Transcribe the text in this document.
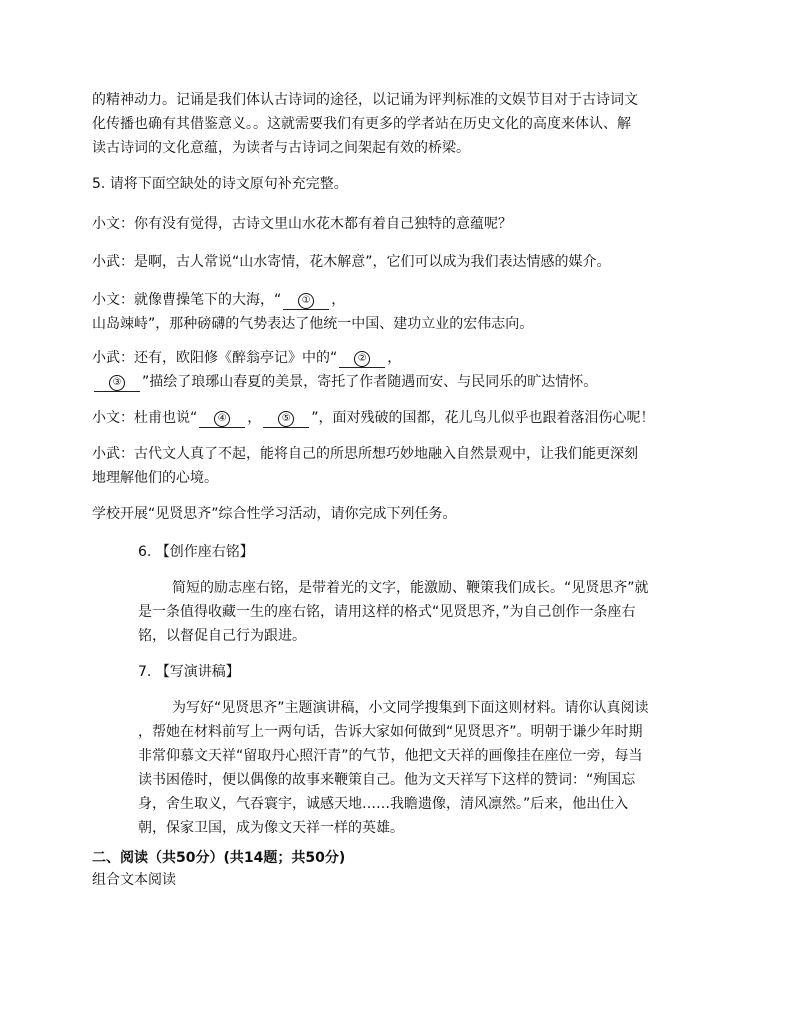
的精神动力。记诵是我们体认古诗词的途径，以记诵为评判标准的文娱节目对于古诗词文
化传播也确有其借鉴意义。。这就需要我们有更多的学者站在历史文化的高度来体认、解
读古诗词的文化意蕴，为读者与古诗词之间架起有效的桥梁。
5. 请将下面空缺处的诗文原句补充完整。
小文：你有没有觉得，古诗文里山水花木都有着自己独特的意蕴呢？
小武：是啊，古人常说“山水寄情，花木解意”，它们可以成为我们表达情感的媒介。
小文：就像曹操笔下的大海，“ ① ，
山岛竦峙”，那种磅礴的气势表达了他统一中国、建功立业的宏伟志向。
小武：还有，欧阳修《醉翁亭记》中的“ ② ，
③ ”描绘了琅琊山春夏的美景，寄托了作者随遇而安、与民同乐的旷达情怀。
小文：杜甫也说“ ④ ， ⑤ ”，面对残破的国都，花儿鸟儿似乎也跟着落泪伤心呢！
小武：古代文人真了不起，能将自己的所思所想巧妙地融入自然景观中，让我们能更深刻
地理解他们的心境。
学校开展“见贤思齐”综合性学习活动，请你完成下列任务。
6. 【创作座右铭】
简短的励志座右铭，是带着光的文字，能激励、鞭策我们成长。“见贤思齐”就
是一条值得收藏一生的座右铭，请用这样的格式“见贤思齐，”为自己创作一条座右
铭，以督促自己行为跟进。
7. 【写演讲稿】
为写好“见贤思齐”主题演讲稿，小文同学搜集到下面这则材料。请你认真阅读
，帮她在材料前写上一两句话，告诉大家如何做到“见贤思齐”。明朝于谦少年时期
非常仰慕文天祥“留取丹心照汗青”的气节，他把文天祥的画像挂在座位一旁，每当
读书困倦时，便以偶像的故事来鞭策自己。他为文天祥写下这样的赞词：“殉国忘
身，舍生取义，气吞寰宇，诚感天地……我瞻遗像，清风凛然。”后来，他出仕入
朝，保家卫国，成为像文天祥一样的英雄。
二、阅读（共50分）(共14题；共50分)
组合文本阅读
